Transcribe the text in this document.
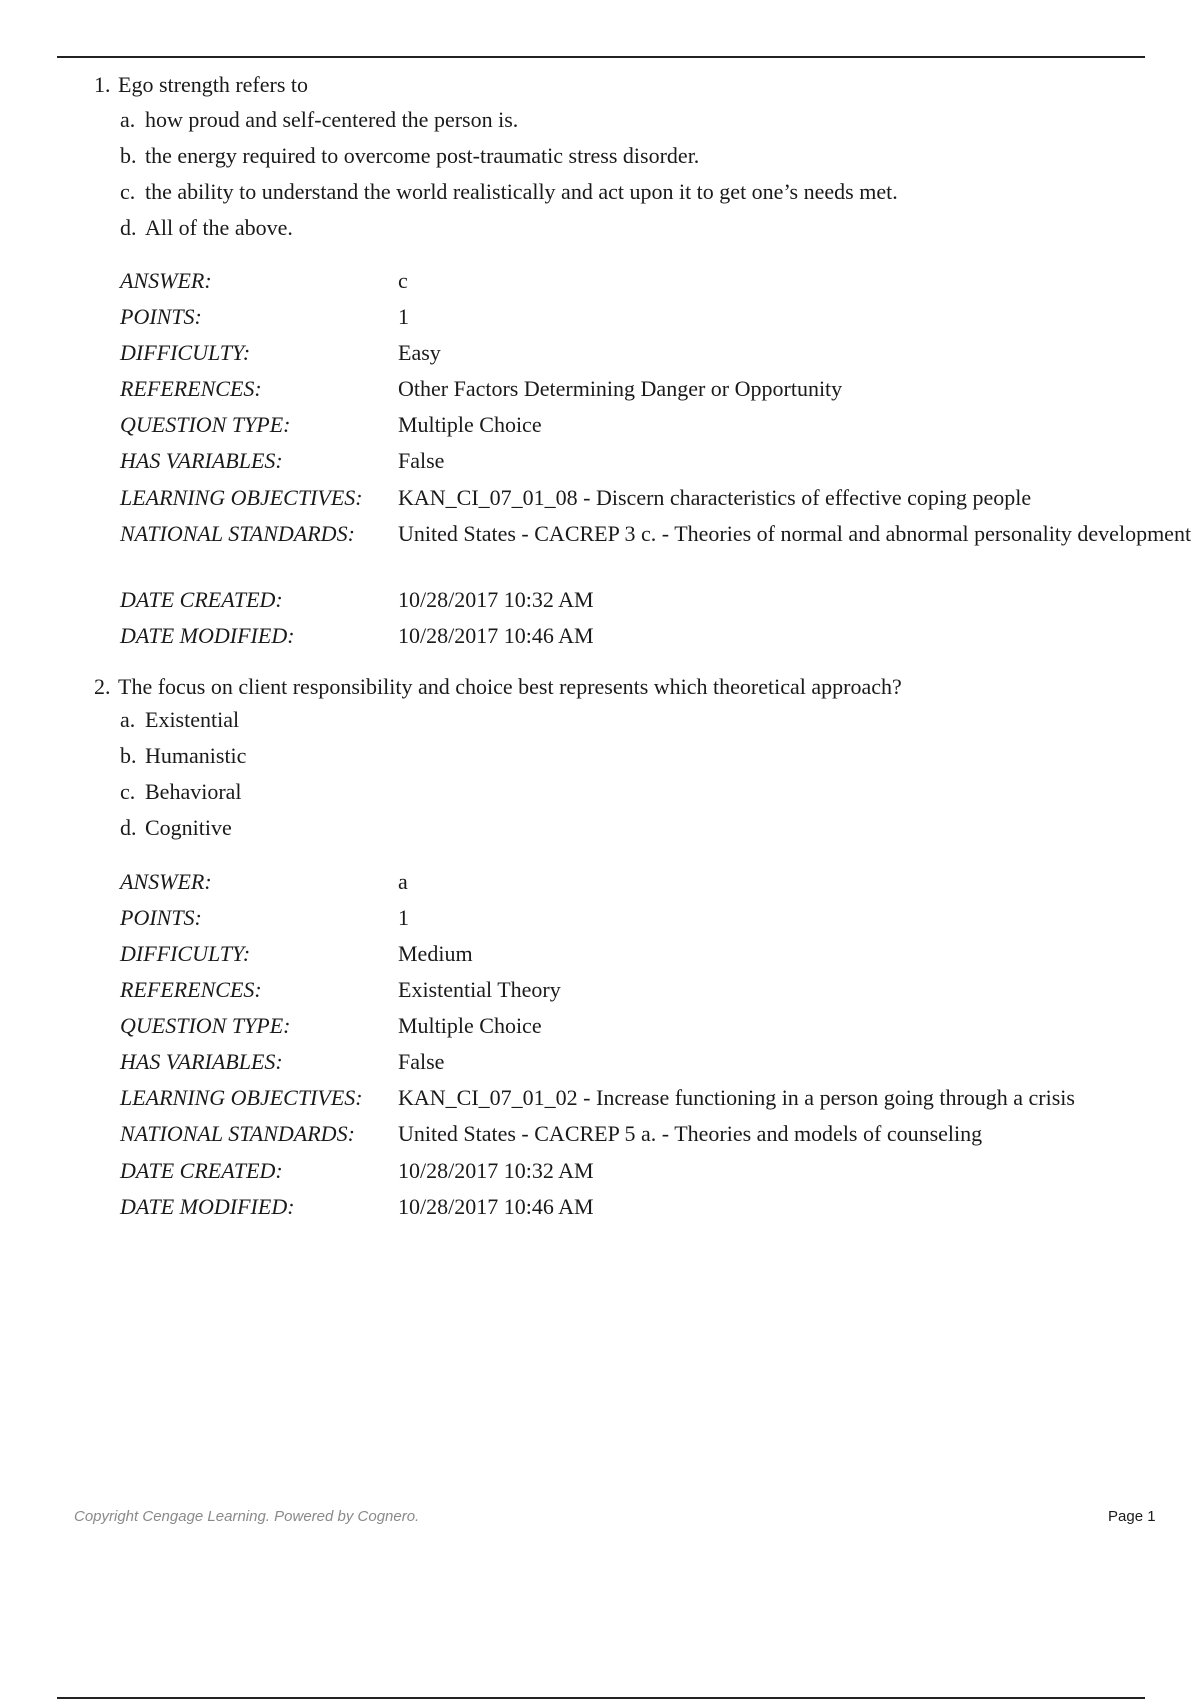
1. Ego strength refers to
a. how proud and self-centered the person is.
b. the energy required to overcome post-traumatic stress disorder.
c. the ability to understand the world realistically and act upon it to get one’s needs met.
d. All of the above.
ANSWER:	c
POINTS:	1
DIFFICULTY:	Easy
REFERENCES:	Other Factors Determining Danger or Opportunity
QUESTION TYPE:	Multiple Choice
HAS VARIABLES:	False
LEARNING OBJECTIVES: KAN_CI_07_01_08 - Discern characteristics of effective coping people
NATIONAL STANDARDS: United States - CACREP 3 c. - Theories of normal and abnormal personality development
DATE CREATED:	10/28/2017 10:32 AM
DATE MODIFIED:	10/28/2017 10:46 AM
2. The focus on client responsibility and choice best represents which theoretical approach?
a. Existential
b. Humanistic
c. Behavioral
d. Cognitive
ANSWER:	a
POINTS:	1
DIFFICULTY:	Medium
REFERENCES:	Existential Theory
QUESTION TYPE:	Multiple Choice
HAS VARIABLES:	False
LEARNING OBJECTIVES: KAN_CI_07_01_02 - Increase functioning in a person going through a crisis
NATIONAL STANDARDS: United States - CACREP 5 a. - Theories and models of counseling
DATE CREATED:	10/28/2017 10:32 AM
DATE MODIFIED:	10/28/2017 10:46 AM
Copyright Cengage Learning. Powered by Cognero.	Page 1
